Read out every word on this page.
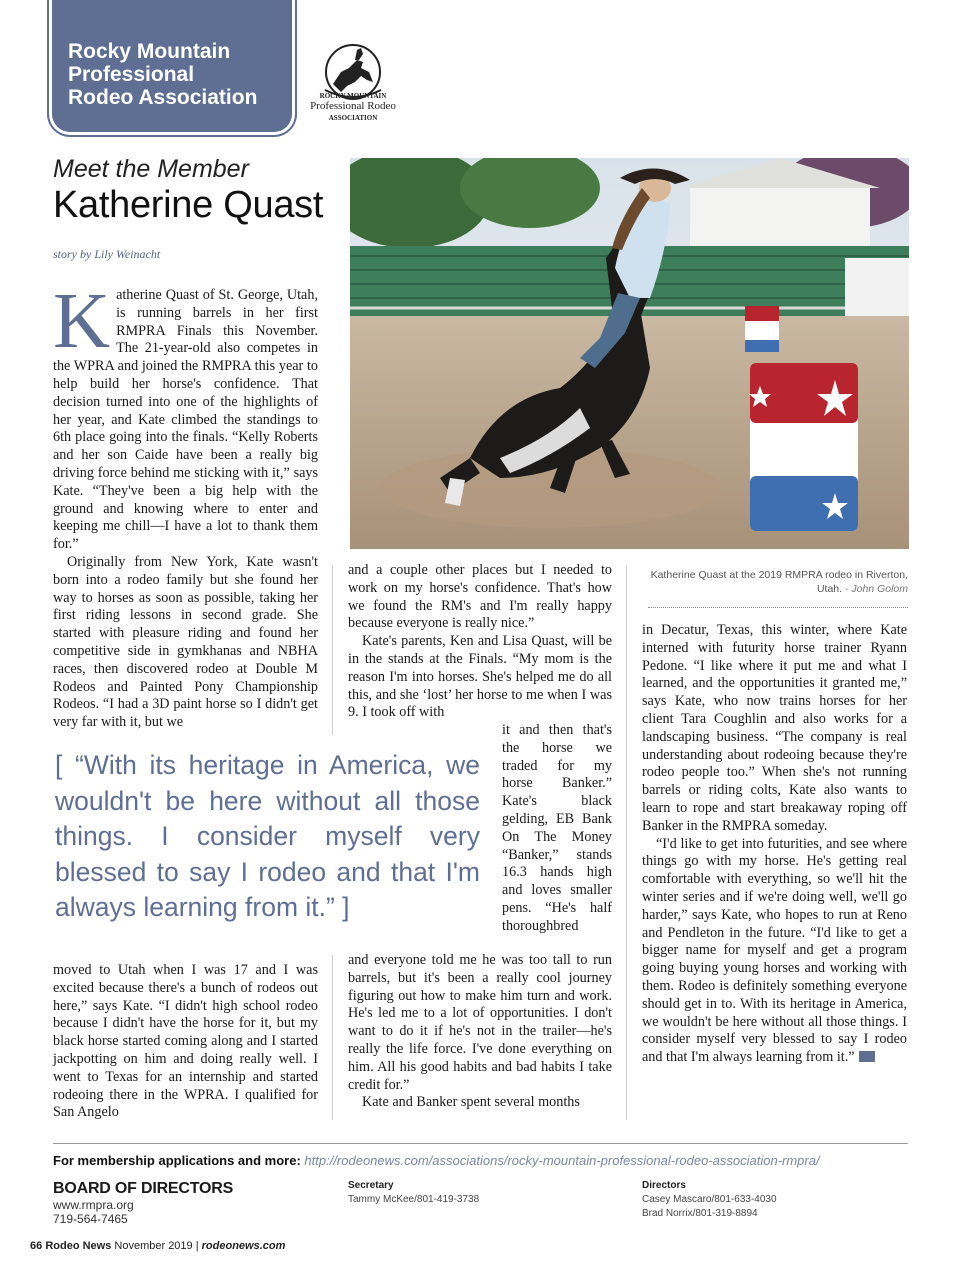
Rocky Mountain
Professional
Rodeo Association	ROCKY MOUNTAIN
Professional Rodeo
ASSOCIATION
Meet the Member
Katherine Quast
story by Lily Weinacht
Katherine Quast at the 2019 RMPRA rodeo in Riverton, Utah. - John Golom

Katherine Quast of St. George, Utah, is running barrels in her first RMPRA Finals this November. The 21-year-old also competes in the WPRA and joined the RMPRA this year to help build her horse's confidence. That decision turned into one of the highlights of her year, and Kate climbed the standings to 6th place going into the finals. “Kelly Roberts and her son Caide have been a really big driving force behind me sticking with it,” says Kate. “They've been a big help with the ground and knowing where to enter and keeping me chill—I have a lot to thank them for.”

Originally from New York, Kate wasn't born into a rodeo family but she found her way to horses as soon as possible, taking her first riding lessons in second grade. She started with pleasure riding and found her competitive side in gymkhanas and NBHA races, then discovered rodeo at Double M Rodeos and Painted Pony Championship Rodeos. “I had a 3D paint horse so I didn't get very far with it, but we

and a couple other places but I needed to work on my horse's confidence. That's how we found the RM's and I'm really happy because everyone is really nice.”

Kate's parents, Ken and Lisa Quast, will be in the stands at the Finals. “My mom is the reason I'm into horses. She's helped me do all this, and she ‘lost’ her horse to me when I was 9. I took off with

it and then that's the horse we traded for my horse Banker.” Kate's black gelding, EB Bank On The Money “Banker,” stands 16.3 hands high and loves smaller pens. “He's half thoroughbred

[ “With its heritage in America, we wouldn't be here without all those things. I consider myself very blessed to say I rodeo and that I'm always learning from it.” ]

moved to Utah when I was 17 and I was excited because there's a bunch of rodeos out here,” says Kate. “I didn't high school rodeo because I didn't have the horse for it, but my black horse started coming along and I started jackpotting on him and doing really well. I went to Texas for an internship and started rodeoing there in the WPRA. I qualified for San Angelo

and everyone told me he was too tall to run barrels, but it's been a really cool journey figuring out how to make him turn and work. He's led me to a lot of opportunities. I don't want to do it if he's not in the trailer—he's really the life force. I've done everything on him. All his good habits and bad habits I take credit for.”

Kate and Banker spent several months

in Decatur, Texas, this winter, where Kate interned with futurity horse trainer Ryann Pedone. “I like where it put me and what I learned, and the opportunities it granted me,” says Kate, who now trains horses for her client Tara Coughlin and also works for a landscaping business. “The company is real understanding about rodeoing because they're rodeo people too.” When she's not running barrels or riding colts, Kate also wants to learn to rope and start breakaway roping off Banker in the RMPRA someday.

“I'd like to get into futurities, and see where things go with my horse. He's getting real comfortable with everything, so we'll hit the winter series and if we're doing well, we'll go harder,” says Kate, who hopes to run at Reno and Pendleton in the future. “I'd like to get a bigger name for myself and get a program going buying young horses and working with them. Rodeo is definitely something everyone should get in to. With its heritage in America, we wouldn't be here without all those things. I consider myself very blessed to say I rodeo and that I'm always learning from it.”

For membership applications and more: http://rodeonews.com/associations/rocky-mountain-professional-rodeo-association-rmpra/
BOARD OF DIRECTORS
www.rmpra.org
719-564-7465
Secretary
Tammy McKee/801-419-3738
Directors
Casey Mascaro/801-633-4030
Brad Norrix/801-319-8894
66 Rodeo News November 2019 | rodeonews.com
